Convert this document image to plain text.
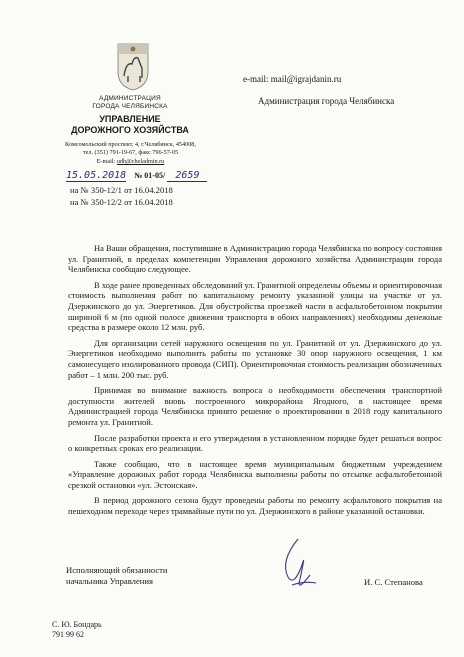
АДМИНИСТРАЦИЯ
ГОРОДА ЧЕЛЯБИНСКА
УПРАВЛЕНИЕ
ДОРОЖНОГО ХОЗЯЙСТВА
Комсомольский проспект, 4, г.Челябинск, 454008,
тел. (351) 791-19-67, факс 796-57-05
E-mail: udh@cheladmin.ru
e-mail: mail@igrajdanin.ru
Администрация города Челябинска
15.05.2018 № 01-05/ 2659
на № 350-12/1 от 16.04.2018
на № 350-12/2 от 16.04.2018

На Ваши обращения, поступившие в Администрацию города Челябинска по вопросу состояния ул. Гранитной, в пределах компетенции Управления дорожного хозяйства Администрации города Челябинска сообщаю следующее.

В ходе ранее проведенных обследований ул. Гранитной определены объемы и ориентировочная стоимость выполнения работ по капитальному ремонту указанной улицы на участке от ул. Дзержинского до ул. Энергетиков. Для обустройства проезжей части в асфальтобетонном покрытии шириной 6 м (по одной полосе движения транспорта в обоих направлениях) необходимы денежные средства в размере около 12 млн. руб.

Для организации сетей наружного освещения по ул. Гранитной от ул. Дзержинского до ул. Энергетиков необходимо выполнить работы по установке 30 опор наружного освещения, 1 км самонесущего изолированного провода (СИП). Ориентировочная стоимость реализации обозначенных работ – 1 млн. 200 тыс. руб.

Принимая во внимание важность вопроса о необходимости обеспечения транспортной доступности жителей вновь построенного микрорайона Ягодного, в настоящее время Администрацией города Челябинска принято решение о проектировании в 2018 году капитального ремонта ул. Гранитной.

После разработки проекта и его утверждения в установленном порядке будет решаться вопрос о конкретных сроках его реализации.

Также сообщаю, что в настоящее время муниципальным бюджетным учреждением «Управление дорожных работ города Челябинска выполнены работы по отсыпке асфальтобетонной срезкой остановки «ул. Эстонская».

В период дорожного сезона будут проведены работы по ремонту асфальтового покрытия на пешеходном переходе через трамвайные пути по ул. Дзержинского в районе указанной остановки.

Исполняющий обязанности
начальника Управления	И. С. Степанова
С. Ю. Бондарь
791 99 62
